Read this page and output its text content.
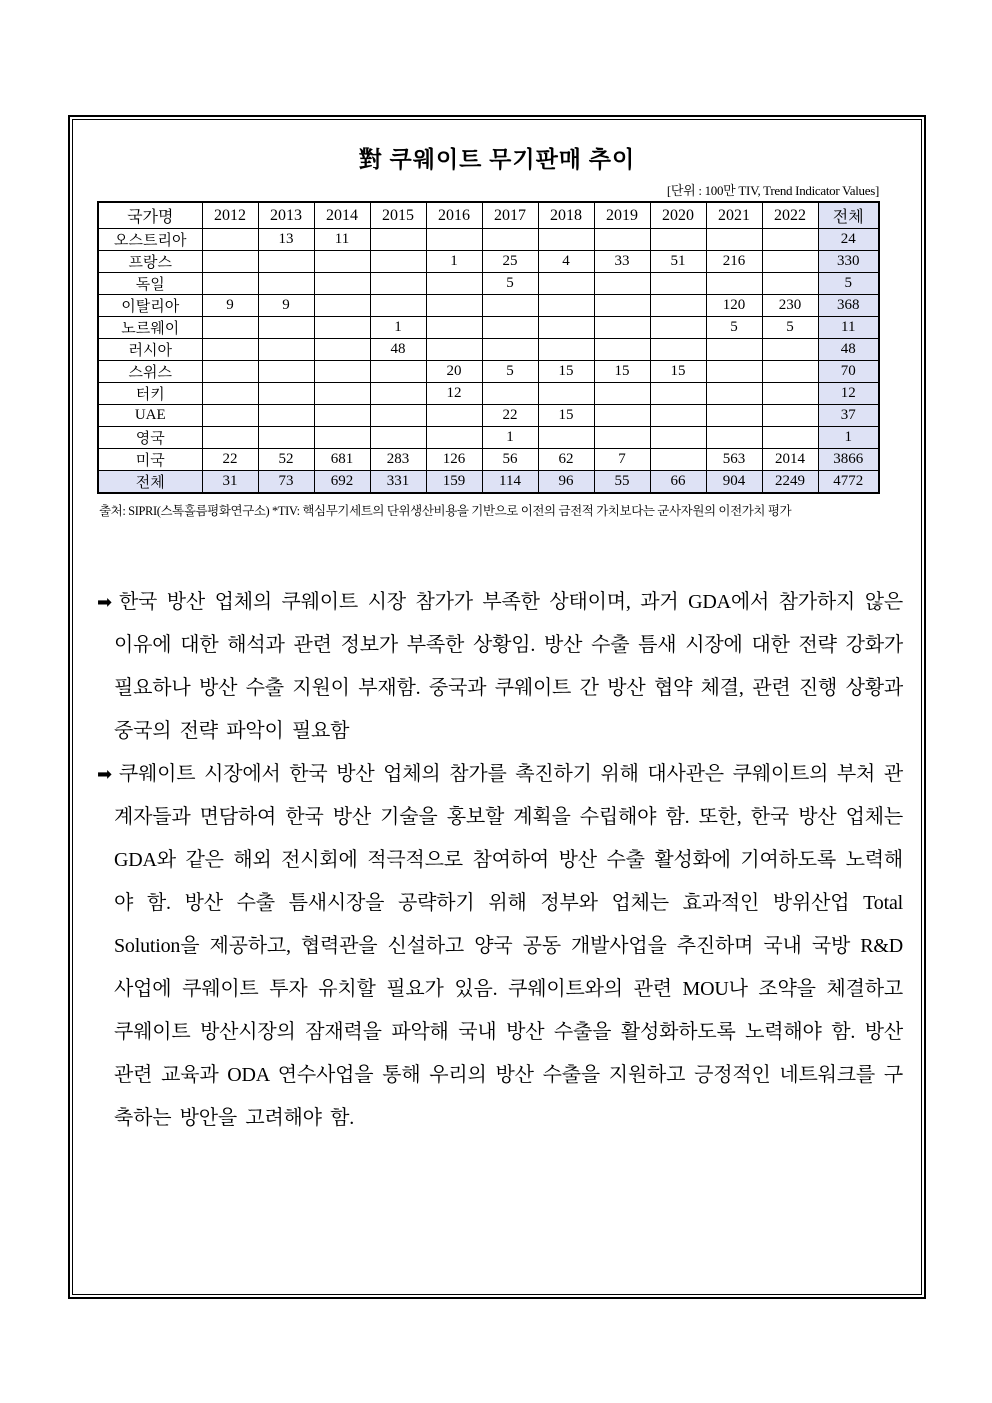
對 쿠웨이트 무기판매 추이
[단위 : 100만 TIV, Trend Indicator Values]
국가명	2012	2013	2014	2015	2016	2017	2018	2019	2020	2021	2022	전체
오스트리아		13	11									24
프랑스					1	25	4	33	51	216		330
독일						5						5
이탈리아	9	9								120	230	368
노르웨이				1						5	5	11
러시아				48								48
스위스					20	5	15	15	15			70
터키					12							12
UAE						22	15					37
영국						1						1
미국	22	52	681	283	126	56	62	7		563	2014	3866
전체	31	73	692	331	159	114	96	55	66	904	2249	4772
출처: SIPRI(스톡홀름평화연구소) *TIV: 핵심무기세트의 단위생산비용을 기반으로 이전의 금전적 가치보다는 군사자원의 이전가치 평가

➡ 한국 방산 업체의 쿠웨이트 시장 참가가 부족한 상태이며, 과거 GDA에서 참가하지 않은 이유에 대한 해석과 관련 정보가 부족한 상황임. 방산 수출 틈새 시장에 대한 전략 강화가 필요하나 방산 수출 지원이 부재함. 중국과 쿠웨이트 간 방산 협약 체결, 관련 진행 상황과 중국의 전략 파악이 필요함

➡ 쿠웨이트 시장에서 한국 방산 업체의 참가를 촉진하기 위해 대사관은 쿠웨이트의 부처 관계자들과 면담하여 한국 방산 기술을 홍보할 계획을 수립해야 함. 또한, 한국 방산 업체는 GDA와 같은 해외 전시회에 적극적으로 참여하여 방산 수출 활성화에 기여하도록 노력해야 함. 방산 수출 틈새시장을 공략하기 위해 정부와 업체는 효과적인 방위산업 Total Solution을 제공하고, 협력관을 신설하고 양국 공동 개발사업을 추진하며 국내 국방 R&D 사업에 쿠웨이트 투자 유치할 필요가 있음. 쿠웨이트와의 관련 MOU나 조약을 체결하고 쿠웨이트 방산시장의 잠재력을 파악해 국내 방산 수출을 활성화하도록 노력해야 함. 방산 관련 교육과 ODA 연수사업을 통해 우리의 방산 수출을 지원하고 긍정적인 네트워크를 구축하는 방안을 고려해야 함.
